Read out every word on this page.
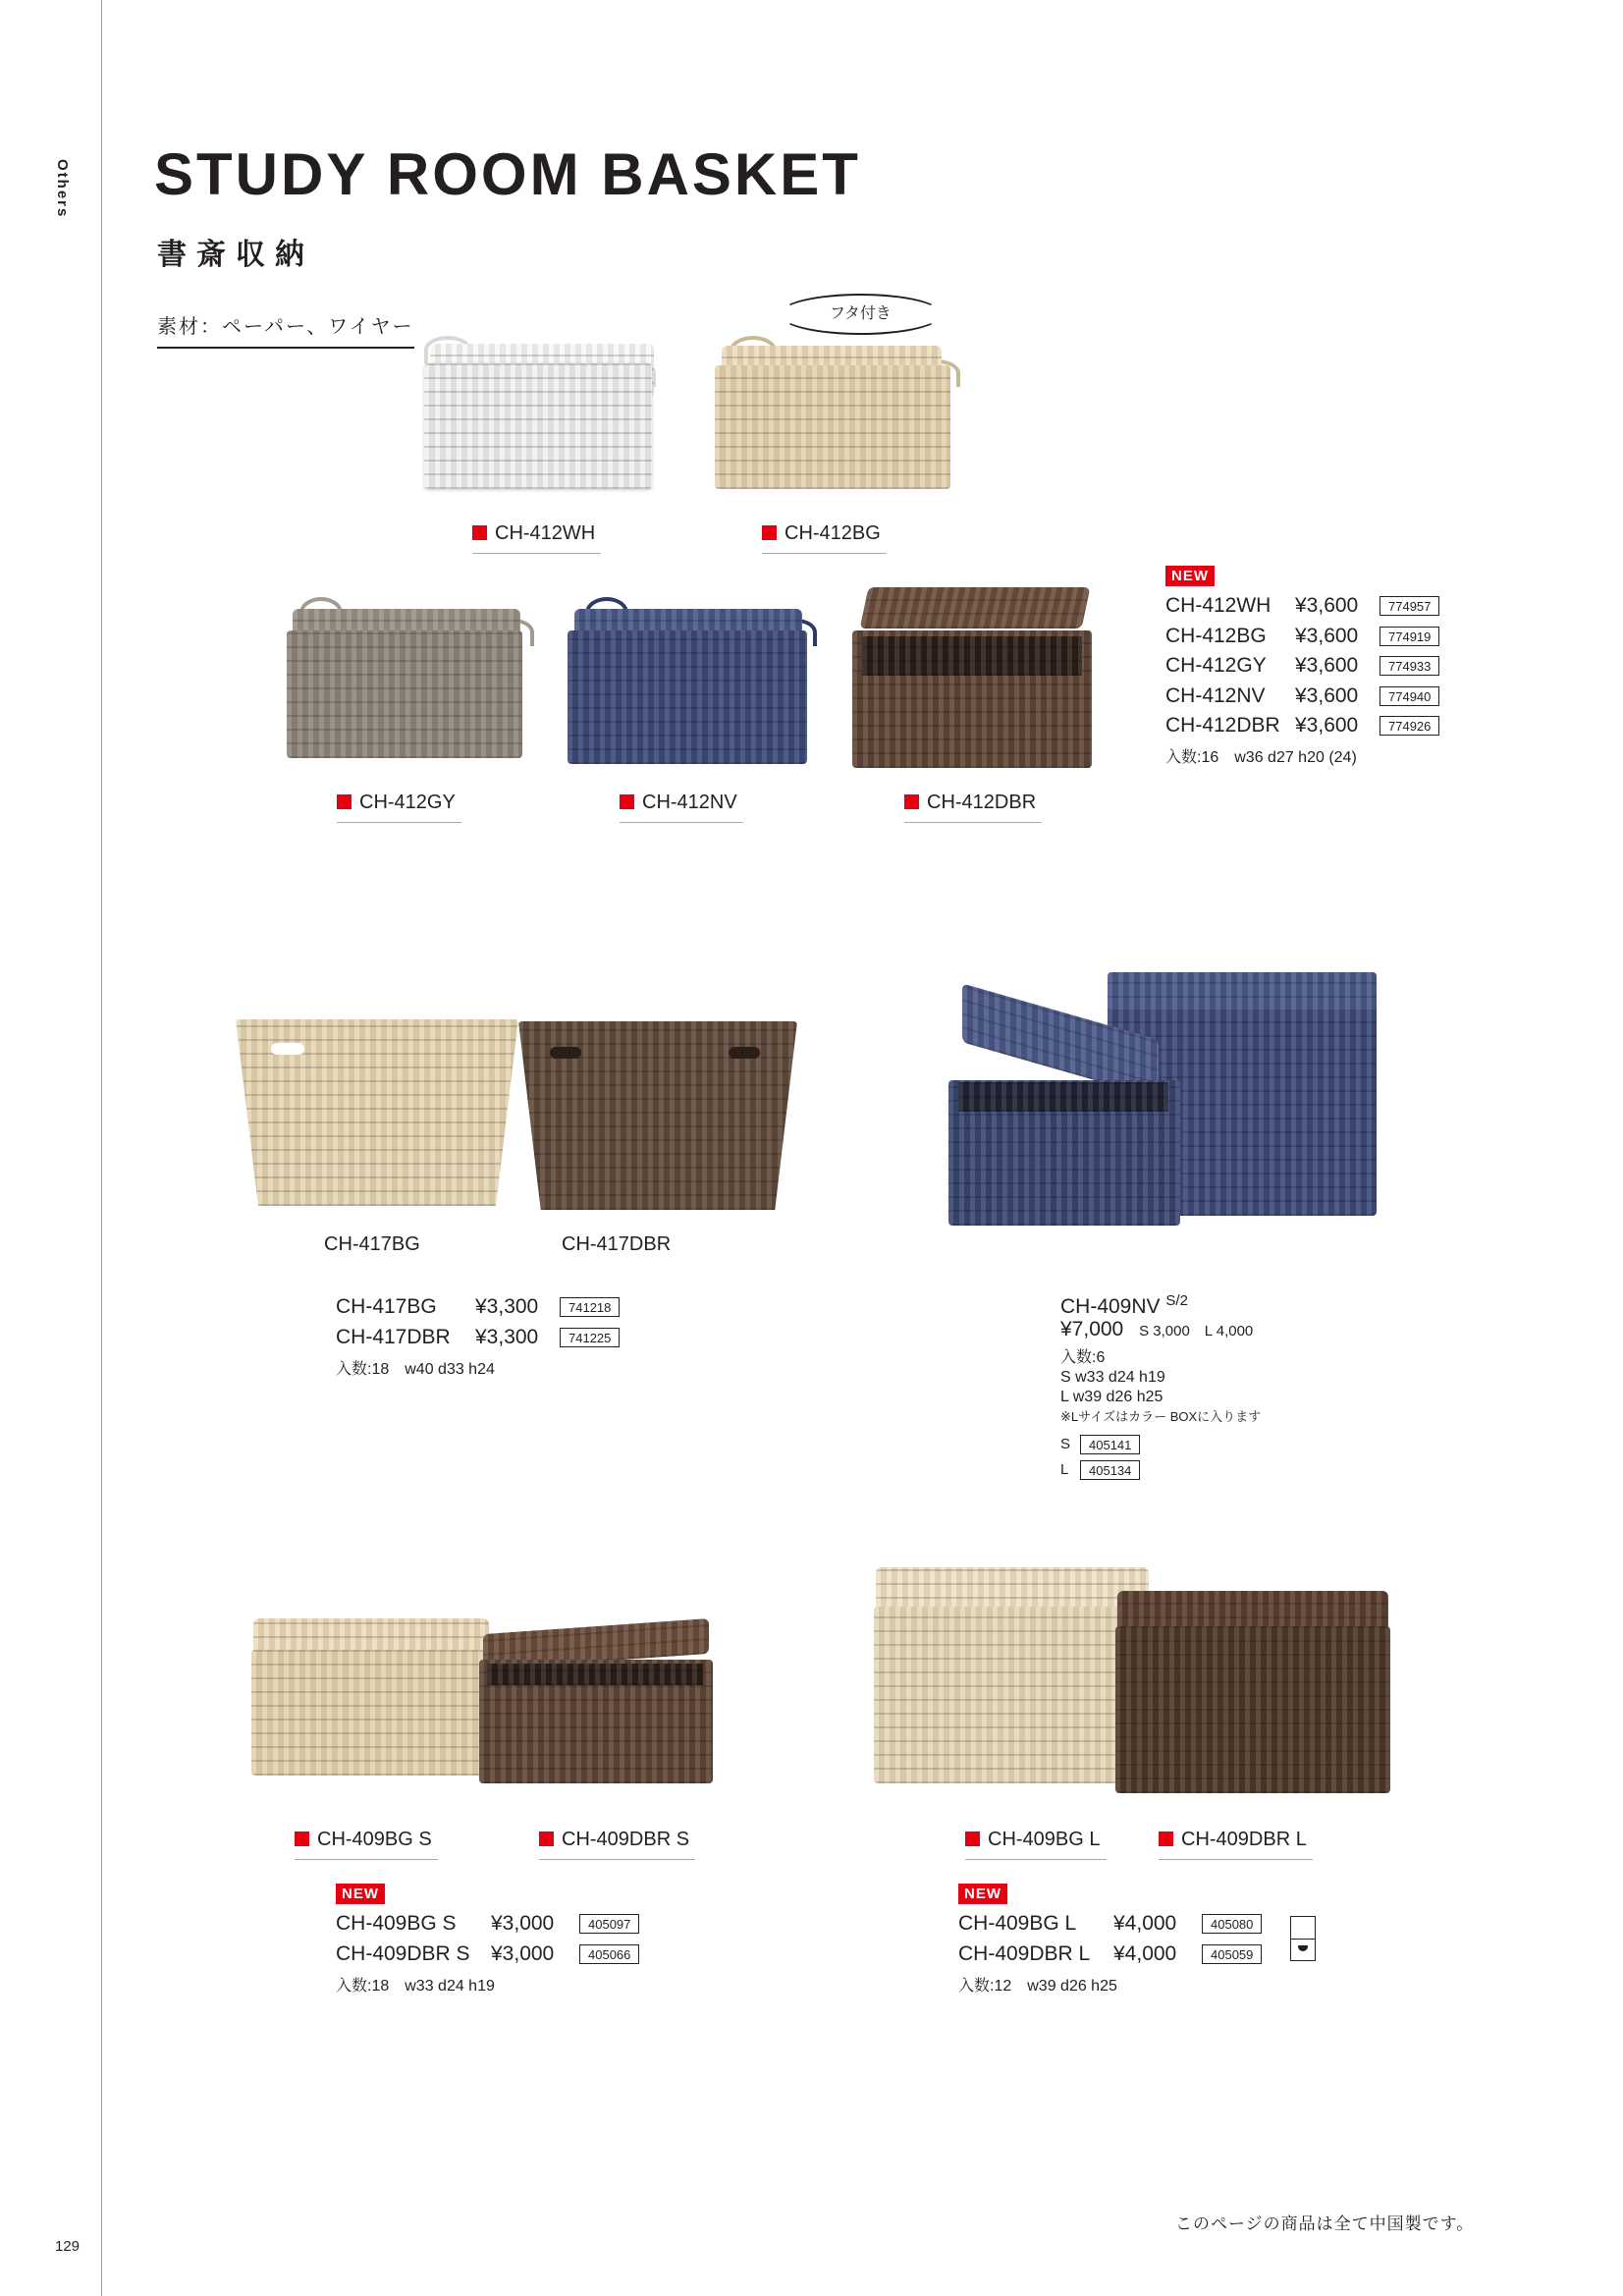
Others
129
STUDY ROOM BASKET
書斎収納
素材：ペーパー、ワイヤー
フタ付き
CH-412WH	CH-412BG
CH-412GY	CH-412NV	CH-412DBR
NEW
CH-412WH	¥3,600	774957
CH-412BG	¥3,600	774919
CH-412GY	¥3,600	774933
CH-412NV	¥3,600	774940
CH-412DBR ¥3,600	774926
入数:16　w36 d27 h20 (24)
CH-417BG	CH-417DBR
CH-417BG	¥3,300	741218
CH-417DBR	¥3,300	741225
入数:18　w40 d33 h24
CH-409NV $^{S/2}$
¥7,000 S 3,000　L 4,000
入数:6
S w33 d24 h19
L w39 d26 h25
※Lサイズはカラー BOXに入ります
S	405141
L	405134
CH-409BG S	CH-409DBR S
NEW
CH-409BG S	¥3,000	405097
CH-409DBR S	¥3,000	405066
入数:18　w33 d24 h19
CH-409BG L	CH-409DBR L
NEW
CH-409BG L	¥4,000	405080
CH-409DBR L	¥4,000	405059
入数:12　w39 d26 h25
このページの商品は全て中国製です。
